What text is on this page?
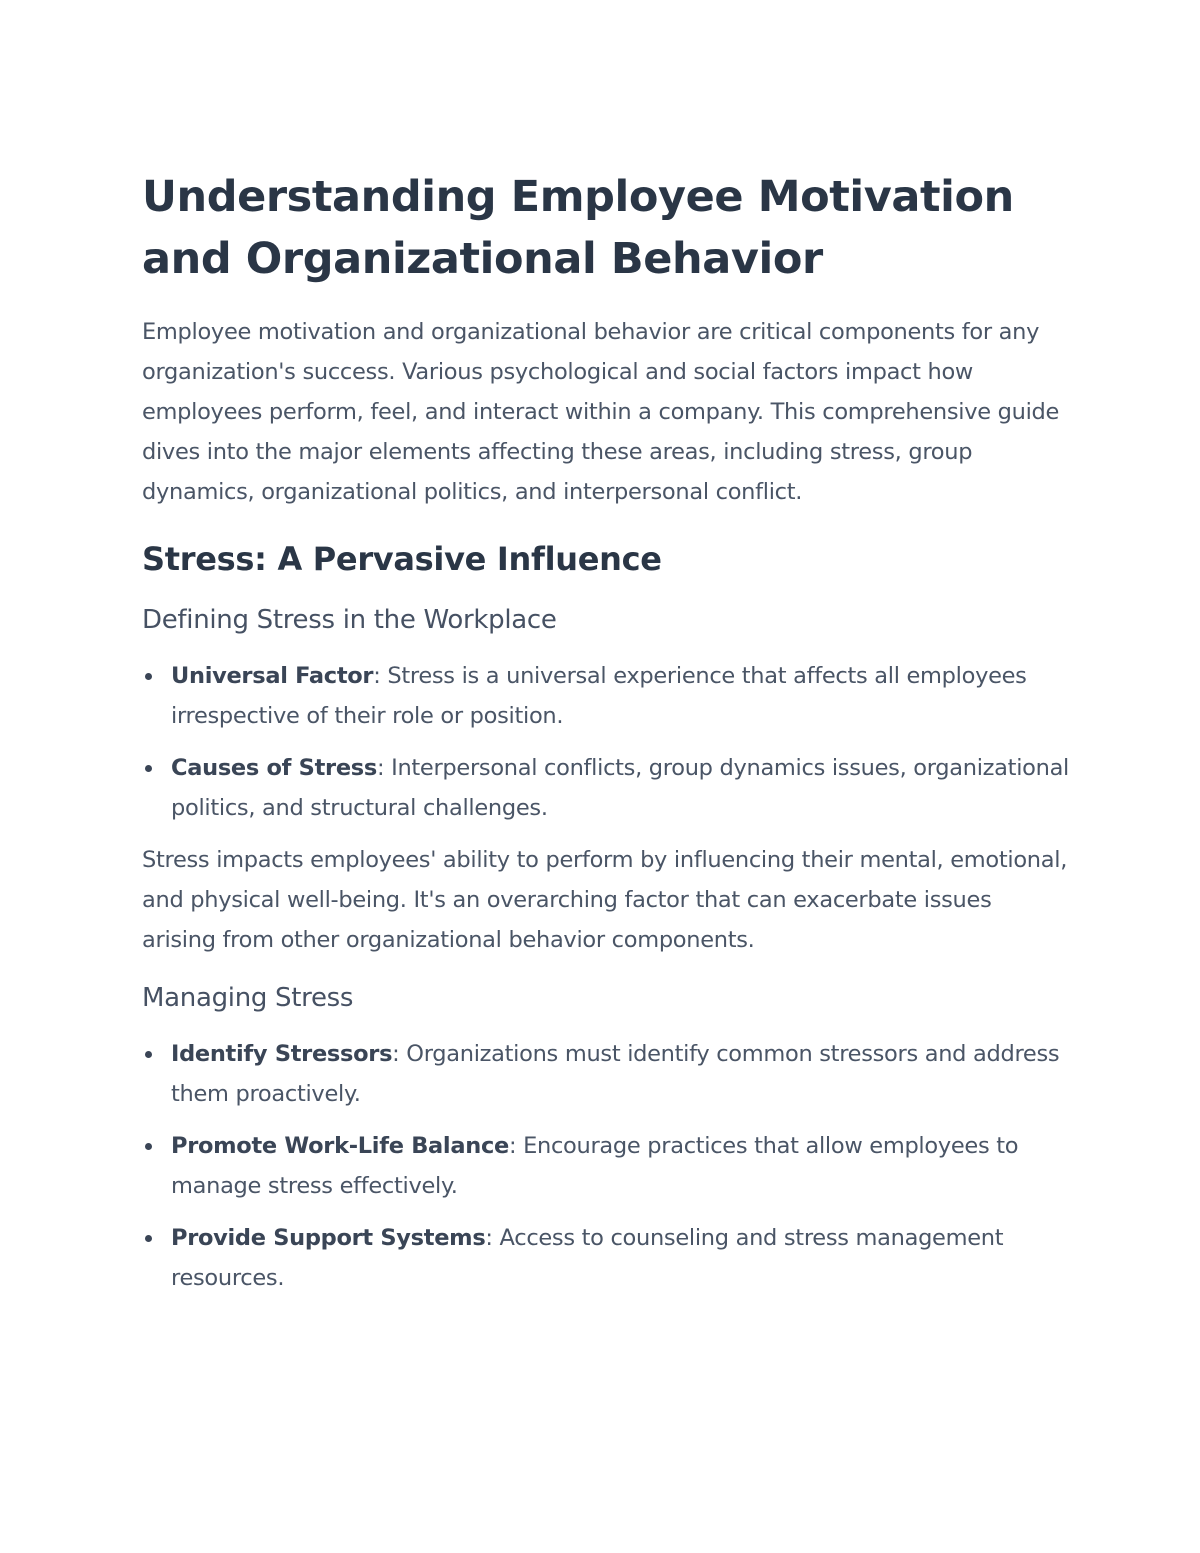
Understanding Employee Motivation and Organizational Behavior

Employee motivation and organizational behavior are critical components for any organization's success. Various psychological and social factors impact how employees perform, feel, and interact within a company. This comprehensive guide dives into the major elements affecting these areas, including stress, group dynamics, organizational politics, and interpersonal conflict.

Stress: A Pervasive Influence
Defining Stress in the Workplace
Universal Factor: Stress is a universal experience that affects all employees irrespective of their role or position.
Causes of Stress: Interpersonal conflicts, group dynamics issues, organizational politics, and structural challenges.

Stress impacts employees' ability to perform by influencing their mental, emotional, and physical well-being. It's an overarching factor that can exacerbate issues arising from other organizational behavior components.

Managing Stress
Identify Stressors: Organizations must identify common stressors and address them proactively.
Promote Work-Life Balance: Encourage practices that allow employees to manage stress effectively.
Provide Support Systems: Access to counseling and stress management resources.
